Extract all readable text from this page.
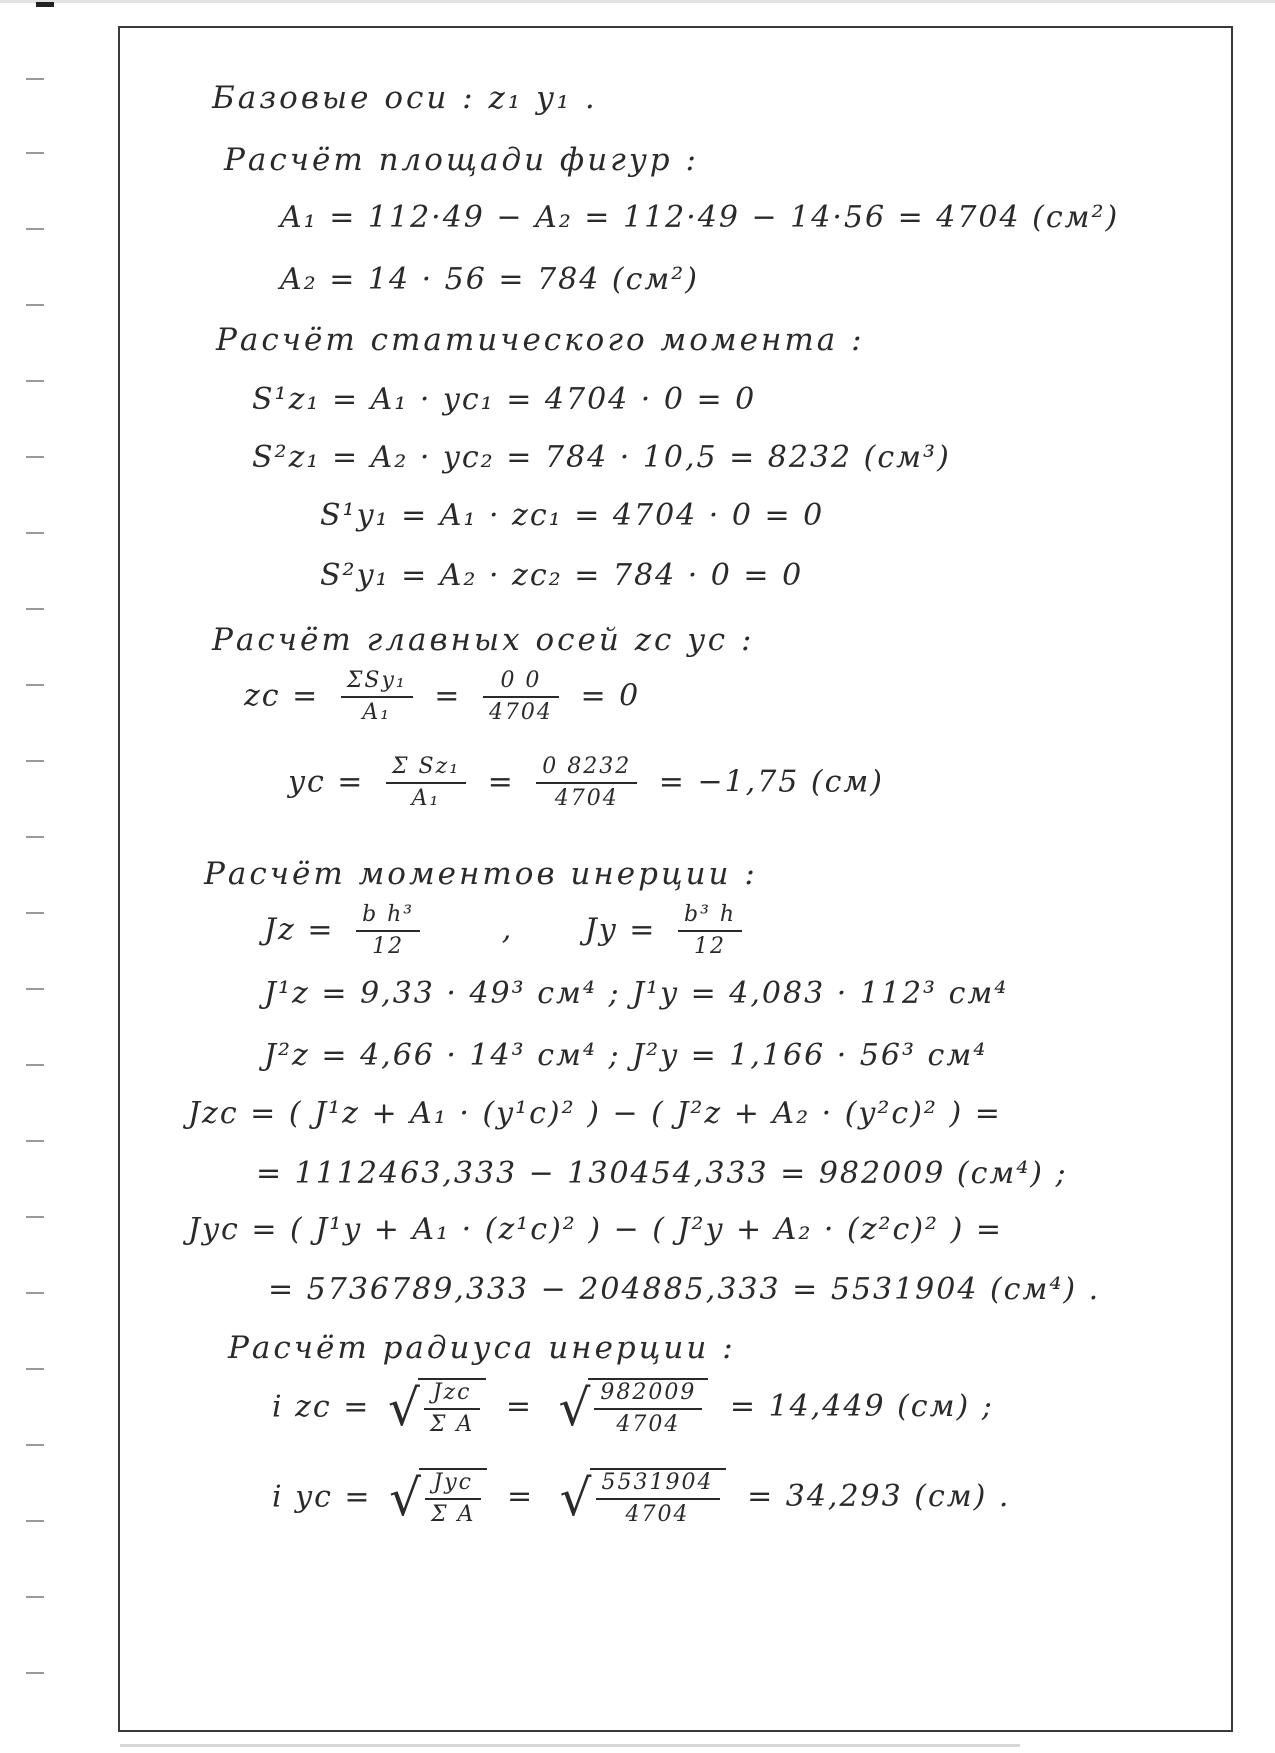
Базовые оси : z₁ y₁ .
Расчёт площади фигур :
A₁ = 112·49 − A₂ = 112·49 − 14·56 = 4704 (см²)
A₂ = 14 · 56 = 784 (см²)
Расчёт статического момента :
S¹z₁ = A₁ · yc₁ = 4704 · 0 = 0
S²z₁ = A₂ · yc₂ = 784 · 10,5 = 8232 (см³)
S¹y₁ = A₁ · zc₁ = 4704 · 0 = 0
S²y₁ = A₂ · zc₂ = 784 · 0 = 0
Расчёт главных осей zc yc :
zc = $\frac{\text{ΣSy₁}}{\text{A₁}} = \frac{0 0}{4704} = 0$
yc = $\frac{\text{Σ Sz₁}}{\text{A₁}} = \frac{0 8232}{4704} = -1,75$ (см)
Расчёт моментов инерции :
$Jz = \frac{\text{b h³}}{12}$	, $Jy = \frac{\text{b³ h}}{12}$
J¹z = 9,33 · 49³ см⁴ ; J¹y = 4,083 · 112³ см⁴
J²z = 4,66 · 14³ см⁴ ; J²y = 1,166 · 56³ см⁴
Jzc = ( J¹z + A₁ · (y¹c)² ) − ( J²z + A₂ · (y²c)² ) =
= 1112463,333 − 130454,333 = 982009 (см⁴) ;
Jyc = ( J¹y + A₁ · (z¹c)² ) − ( J²y + A₂ · (z²c)² ) =
= 5736789,333 − 204885,333 = 5531904 (см⁴) .
Расчёт радиуса инерции :
i zc = √ $\frac{\text{Jzc}}{\text{Σ A}}$ = √ $\frac{982009}{4704} = 14,449$ (см) ;
i yc = √ $\frac{\text{Jyc}}{\text{Σ A}}$ = √ $\frac{5531904}{4704} = 34,293$ (см) .
